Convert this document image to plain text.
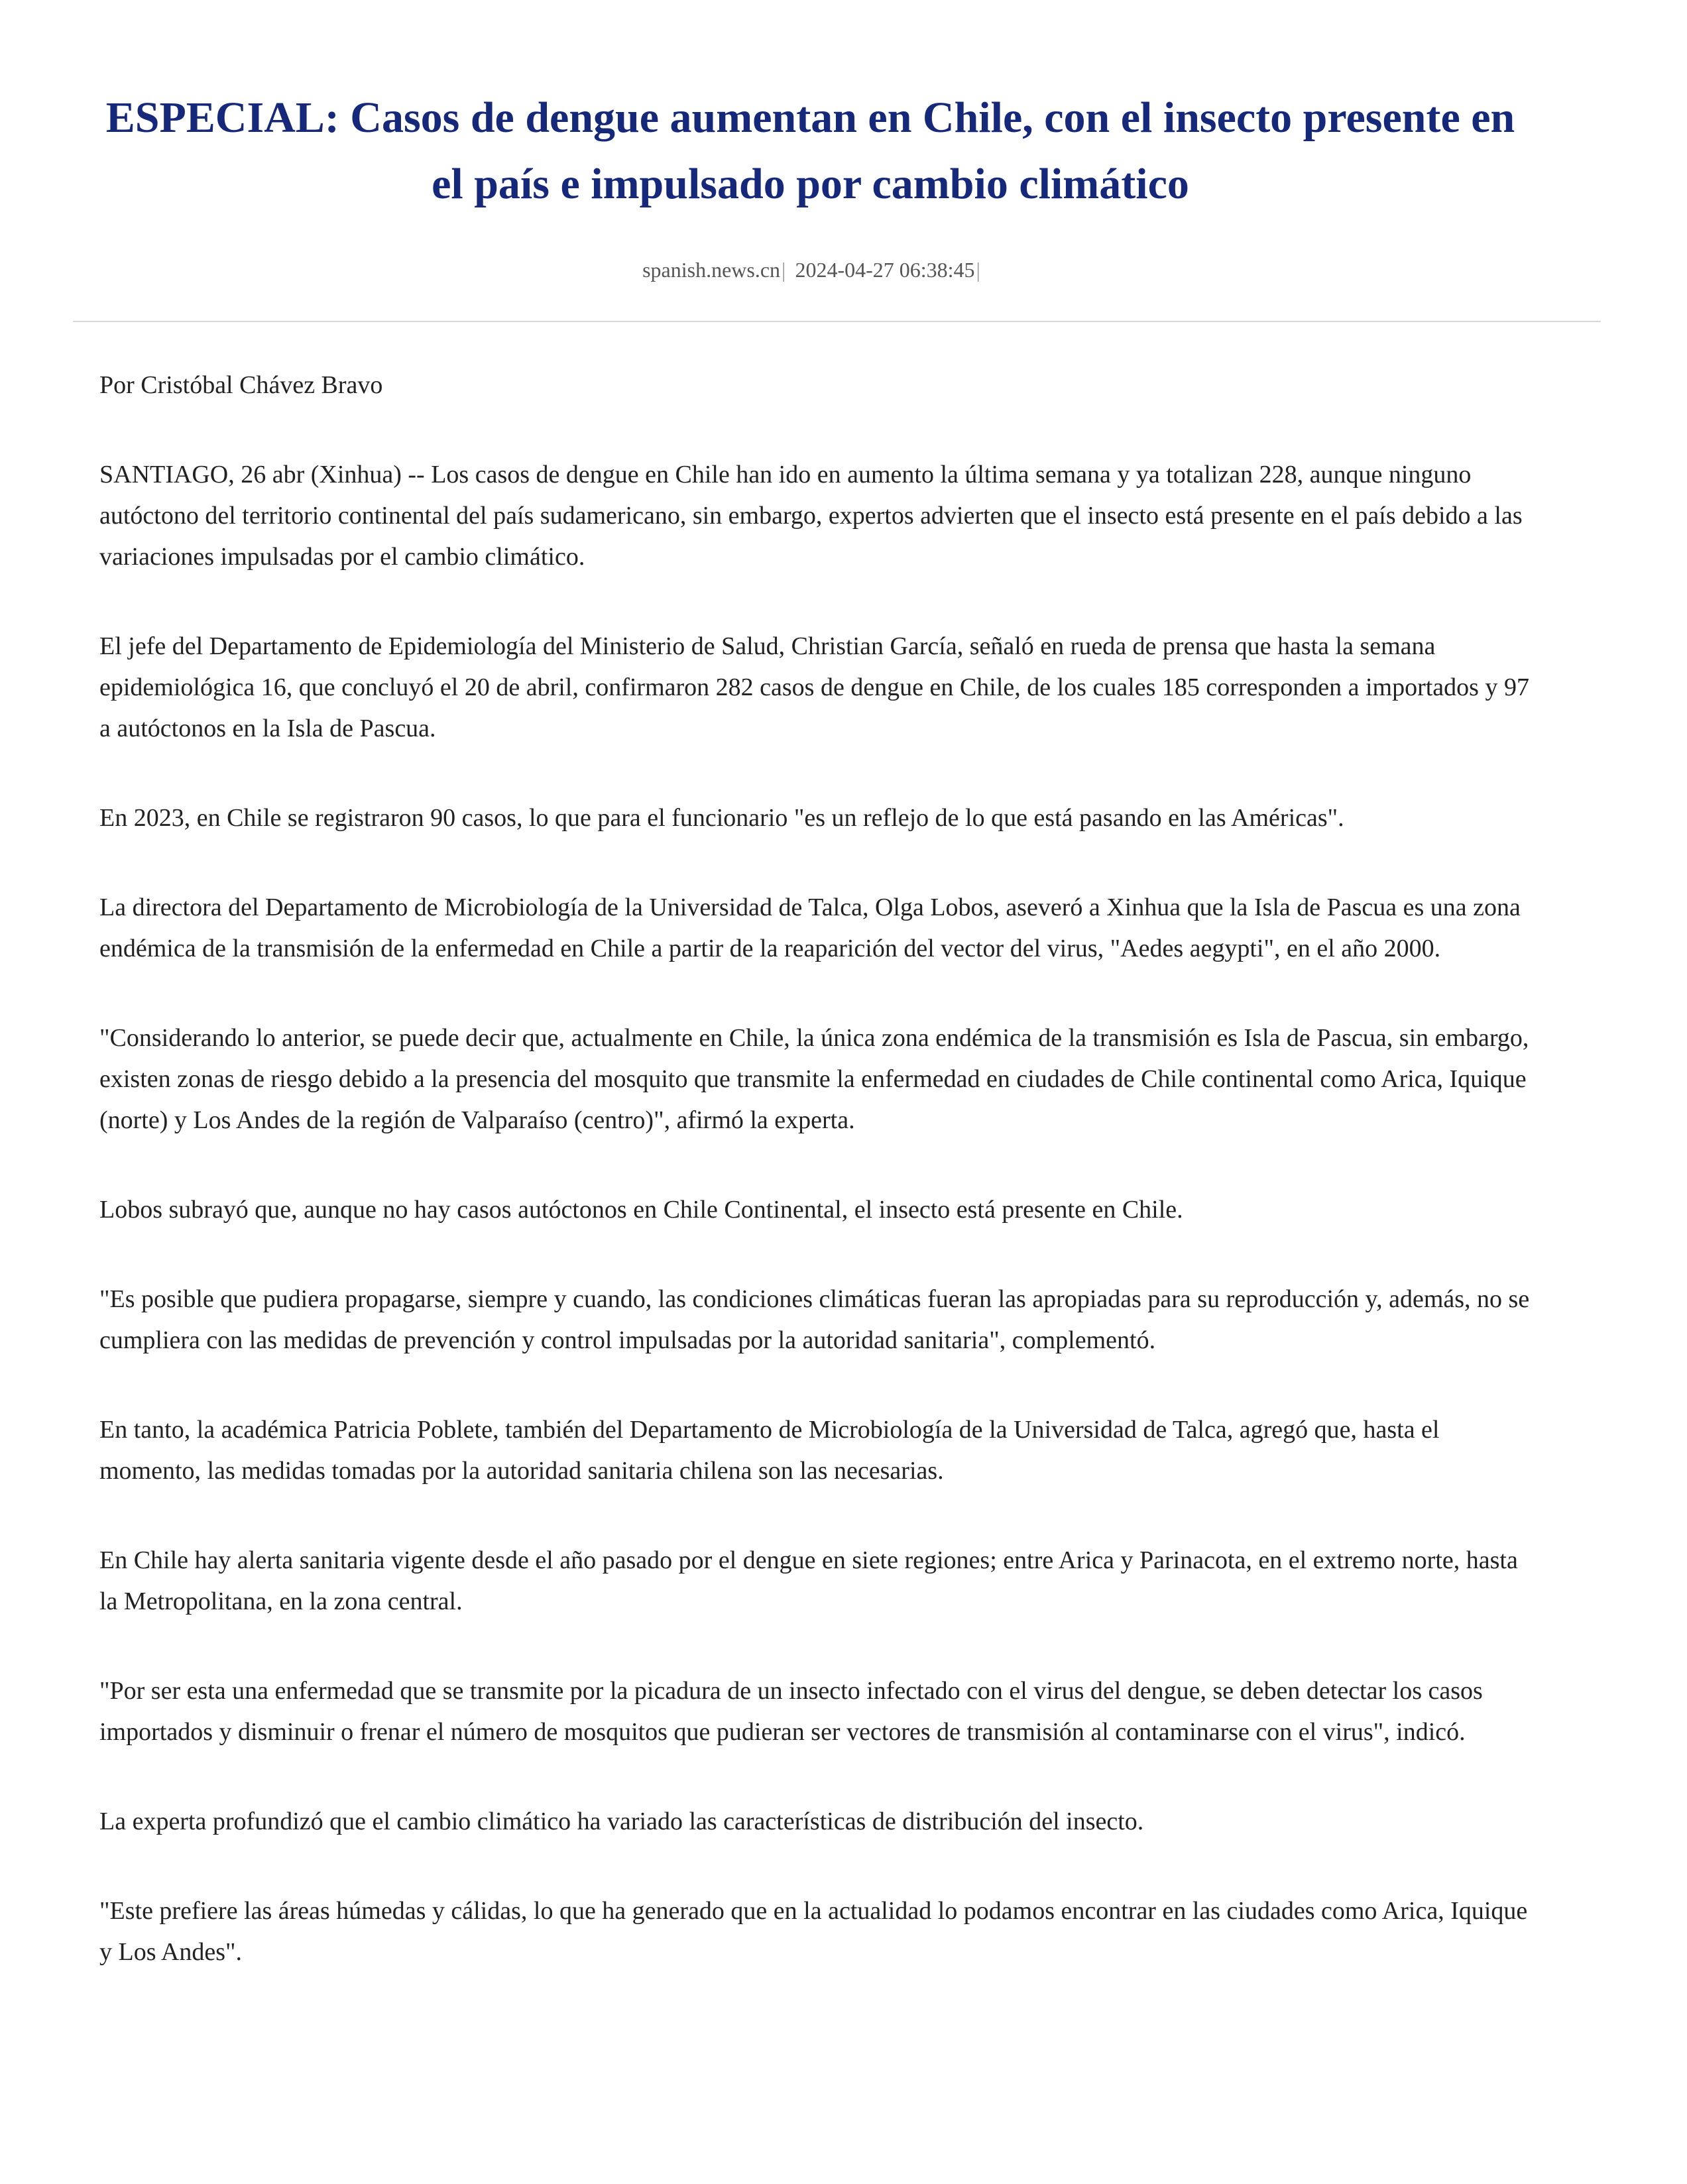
ESPECIAL: Casos de dengue aumentan en Chile, con el insecto presente en el país e impulsado por cambio climático
spanish.news.cn| 2024-04-27 06:38:45|

Por Cristóbal Chávez Bravo

SANTIAGO, 26 abr (Xinhua) -- Los casos de dengue en Chile han ido en aumento la última semana y ya totalizan 228, aunque ninguno autóctono del territorio continental del país sudamericano, sin embargo, expertos advierten que el insecto está presente en el país debido a las variaciones impulsadas por el cambio climático.

El jefe del Departamento de Epidemiología del Ministerio de Salud, Christian García, señaló en rueda de prensa que hasta la semana epidemiológica 16, que concluyó el 20 de abril, confirmaron 282 casos de dengue en Chile, de los cuales 185 corresponden a importados y 97 a autóctonos en la Isla de Pascua.

En 2023, en Chile se registraron 90 casos, lo que para el funcionario "es un reflejo de lo que está pasando en las Américas".

La directora del Departamento de Microbiología de la Universidad de Talca, Olga Lobos, aseveró a Xinhua que la Isla de Pascua es una zona endémica de la transmisión de la enfermedad en Chile a partir de la reaparición del vector del virus, "Aedes aegypti", en el año 2000.

"Considerando lo anterior, se puede decir que, actualmente en Chile, la única zona endémica de la transmisión es Isla de Pascua, sin embargo, existen zonas de riesgo debido a la presencia del mosquito que transmite la enfermedad en ciudades de Chile continental como Arica, Iquique (norte) y Los Andes de la región de Valparaíso (centro)", afirmó la experta.

Lobos subrayó que, aunque no hay casos autóctonos en Chile Continental, el insecto está presente en Chile.

"Es posible que pudiera propagarse, siempre y cuando, las condiciones climáticas fueran las apropiadas para su reproducción y, además, no se cumpliera con las medidas de prevención y control impulsadas por la autoridad sanitaria", complementó.

En tanto, la académica Patricia Poblete, también del Departamento de Microbiología de la Universidad de Talca, agregó que, hasta el momento, las medidas tomadas por la autoridad sanitaria chilena son las necesarias.

En Chile hay alerta sanitaria vigente desde el año pasado por el dengue en siete regiones; entre Arica y Parinacota, en el extremo norte, hasta la Metropolitana, en la zona central.

"Por ser esta una enfermedad que se transmite por la picadura de un insecto infectado con el virus del dengue, se deben detectar los casos importados y disminuir o frenar el número de mosquitos que pudieran ser vectores de transmisión al contaminarse con el virus", indicó.

La experta profundizó que el cambio climático ha variado las características de distribución del insecto.

"Este prefiere las áreas húmedas y cálidas, lo que ha generado que en la actualidad lo podamos encontrar en las ciudades como Arica, Iquique y Los Andes".
